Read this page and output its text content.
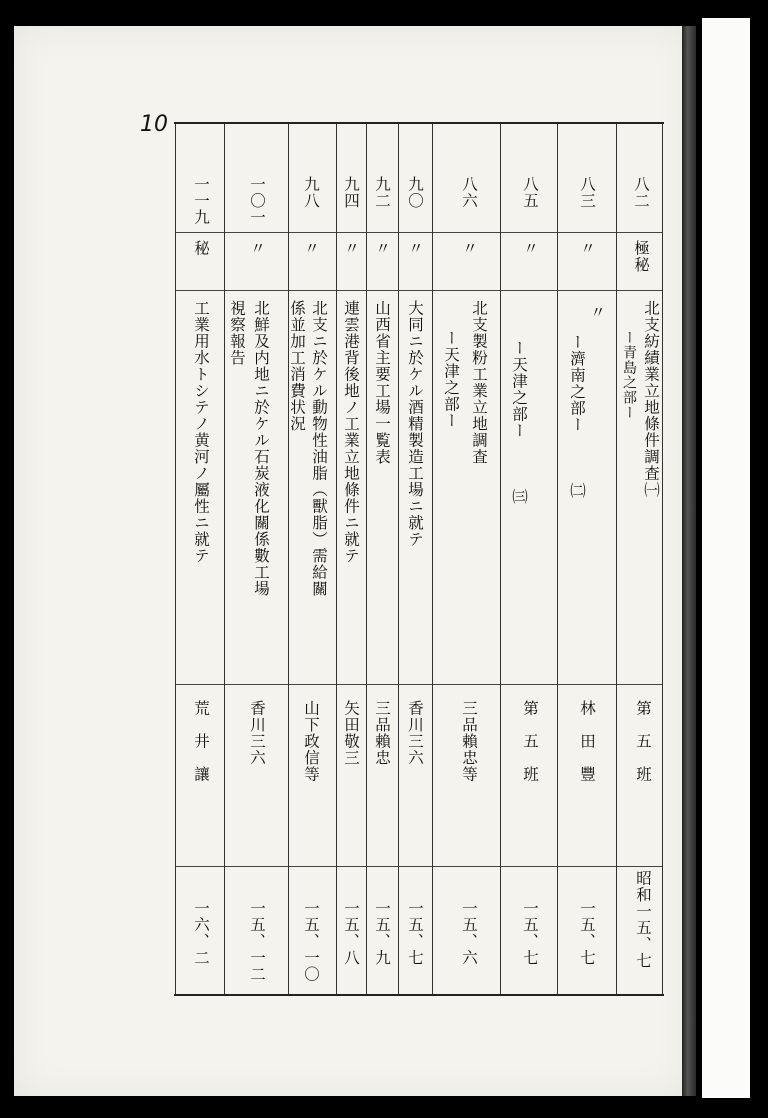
10
八二
極秘
北支紡績業立地條件調査㈠
ー青島之部ー
第　五　班
昭和一五、七
八三
〃
〃
ー濟南之部ー　　　㈡
林　田　豐
一五、七
八五
〃
ー天津之部ー　　　㈢
第　五　班
一五、七
八六
〃
北支製粉工業立地調査
ー天津之部ー
三品賴忠等
一五、六
九〇
〃
大同ニ於ケル酒精製造工場ニ就テ
香川三六
一五、七
九二
〃
山西省主要工場一覧表
三品賴忠
一五、九
九四
〃
連雲港背後地ノ工業立地條件ニ就テ
矢田敬三
一五、八
九八
〃
北支ニ於ケル動物性油脂（獸脂）需給關
係並加工消費状況
山下政信等
一五、一〇
一〇一
〃
北鮮及内地ニ於ケル石炭液化關係數工場
視察報告
香川三六
一五、一二
一一九
秘
工業用水トシテノ黄河ノ屬性ニ就テ
荒　井　讓
一六、二
